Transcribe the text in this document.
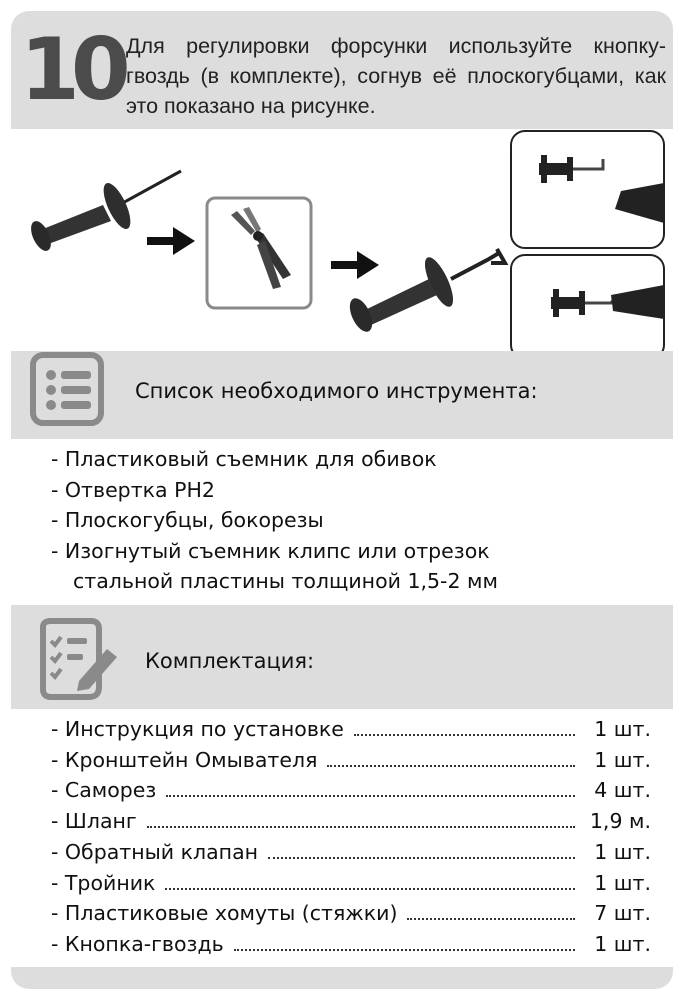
10 Для регулировки форсунки используйте кнопку-гвоздь (в комплекте), согнув её плоскогубцами, как это показано на рисунке.
Список необходимого инструмента:
- Пластиковый съемник для обивок
- Отвертка PH2
- Плоскогубцы, бокорезы
- Изогнутый съемник клипс или отрезок
стальной пластины толщиной 1,5-2 мм
Комплектация:
- Инструкция по установке	1 шт.
- Кронштейн Омывателя	1 шт.
- Саморез	4 шт.
- Шланг	1,9 м.
- Обратный клапан	1 шт.
- Тройник	1 шт.
- Пластиковые хомуты (стяжки)	7 шт.
- Кнопка-гвоздь	1 шт.
